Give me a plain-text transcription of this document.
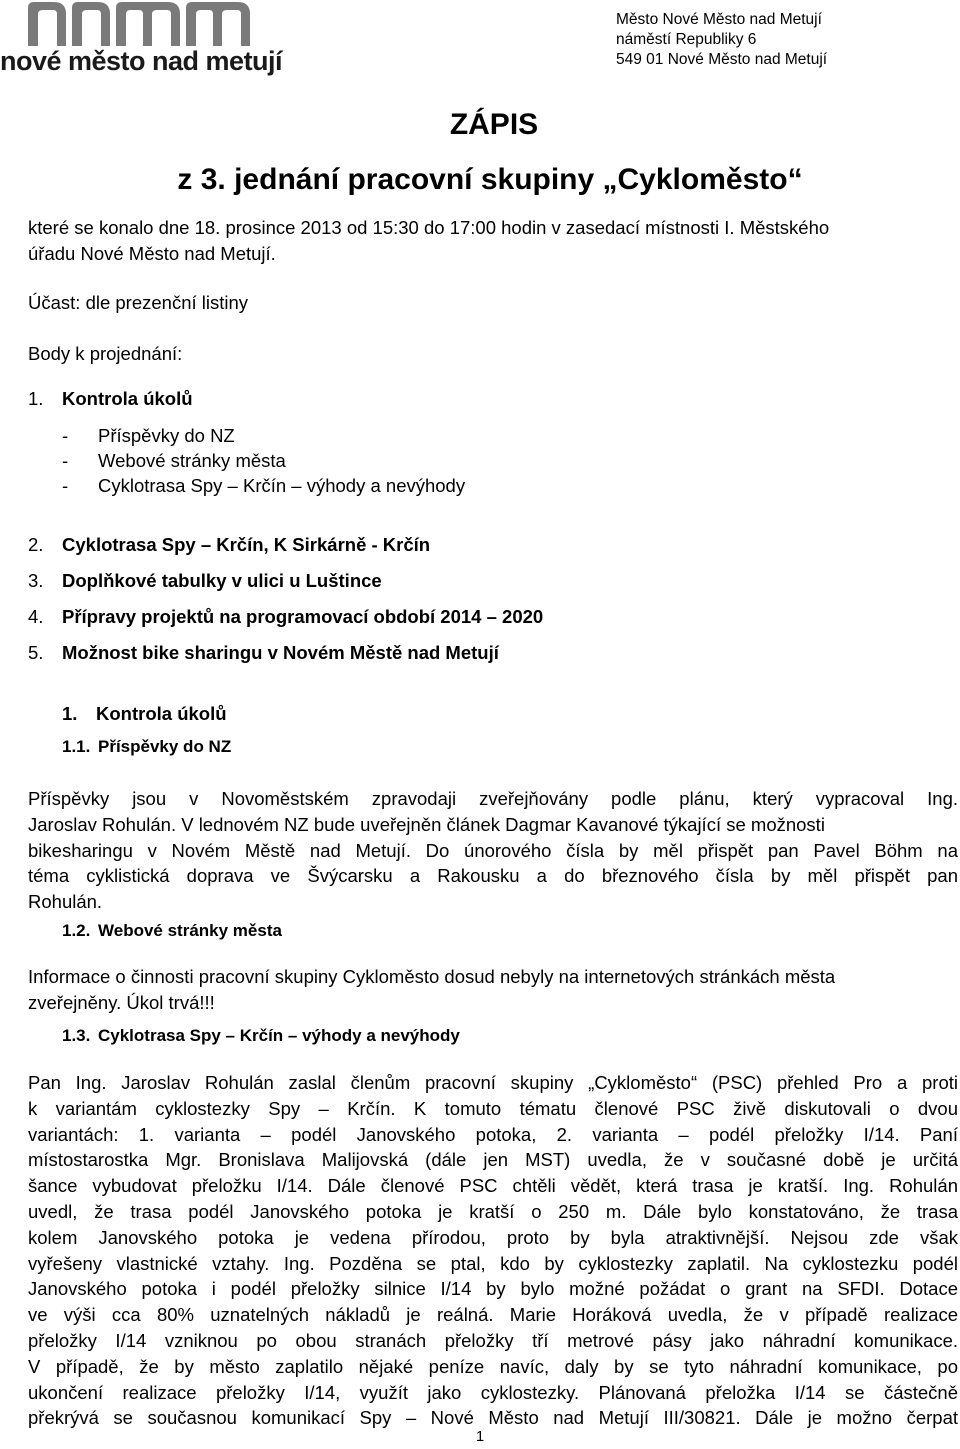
nové město nad metují
Město Nové Město nad Metují
náměstí Republiky 6
549 01 Nové Město nad Metují
ZÁPIS
z 3. jednání pracovní skupiny „Cykloměsto“
které se konalo dne 18. prosince 2013 od 15:30 do 17:00 hodin v zasedací místnosti I. Městského
úřadu Nové Město nad Metují.
Účast: dle prezenční listiny
Body k projednání:
1. Kontrola úkolů
- Příspěvky do NZ
- Webové stránky města
- Cyklotrasa Spy – Krčín – výhody a nevýhody
2. Cyklotrasa Spy – Krčín, K Sirkárně - Krčín
3. Doplňkové tabulky v ulici u Luštince
4. Přípravy projektů na programovací období 2014 – 2020
5. Možnost bike sharingu v Novém Městě nad Metují
1. Kontrola úkolů
1.1. Příspěvky do NZ
Příspěvky jsou v Novoměstském zpravodaji zveřejňovány podle plánu, který vypracoval Ing.
Jaroslav Rohulán. V lednovém NZ bude uveřejněn článek Dagmar Kavanové týkající se možnosti
bikesharingu v Novém Městě nad Metují. Do únorového čísla by měl přispět pan Pavel Böhm na
téma cyklistická doprava ve Švýcarsku a Rakousku a do březnového čísla by měl přispět pan
Rohulán.
1.2. Webové stránky města
Informace o činnosti pracovní skupiny Cykloměsto dosud nebyly na internetových stránkách města
zveřejněny. Úkol trvá!!!
1.3. Cyklotrasa Spy – Krčín – výhody a nevýhody
Pan Ing. Jaroslav Rohulán zaslal členům pracovní skupiny „Cykloměsto“ (PSC) přehled Pro a proti
k variantám cyklostezky Spy – Krčín. K tomuto tématu členové PSC živě diskutovali o dvou
variantách: 1. varianta – podél Janovského potoka, 2. varianta – podél přeložky I/14. Paní
místostarostka Mgr. Bronislava Malijovská (dále jen MST) uvedla, že v současné době je určitá
šance vybudovat přeložku I/14. Dále členové PSC chtěli vědět, která trasa je kratší. Ing. Rohulán
uvedl, že trasa podél Janovského potoka je kratší o 250 m. Dále bylo konstatováno, že trasa
kolem Janovského potoka je vedena přírodou, proto by byla atraktivnější. Nejsou zde však
vyřešeny vlastnické vztahy. Ing. Pozděna se ptal, kdo by cyklostezky zaplatil. Na cyklostezku podél
Janovského potoka i podél přeložky silnice I/14 by bylo možné požádat o grant na SFDI. Dotace
ve výši cca 80% uznatelných nákladů je reálná. Marie Horáková uvedla, že v případě realizace
přeložky I/14 vzniknou po obou stranách přeložky tří metrové pásy jako náhradní komunikace.
V případě, že by město zaplatilo nějaké peníze navíc, daly by se tyto náhradní komunikace, po
ukončení realizace přeložky I/14, využít jako cyklostezky. Plánovaná přeložka I/14 se částečně
překrývá se současnou komunikací Spy – Nové Město nad Metují III/30821. Dále je možno čerpat
1
